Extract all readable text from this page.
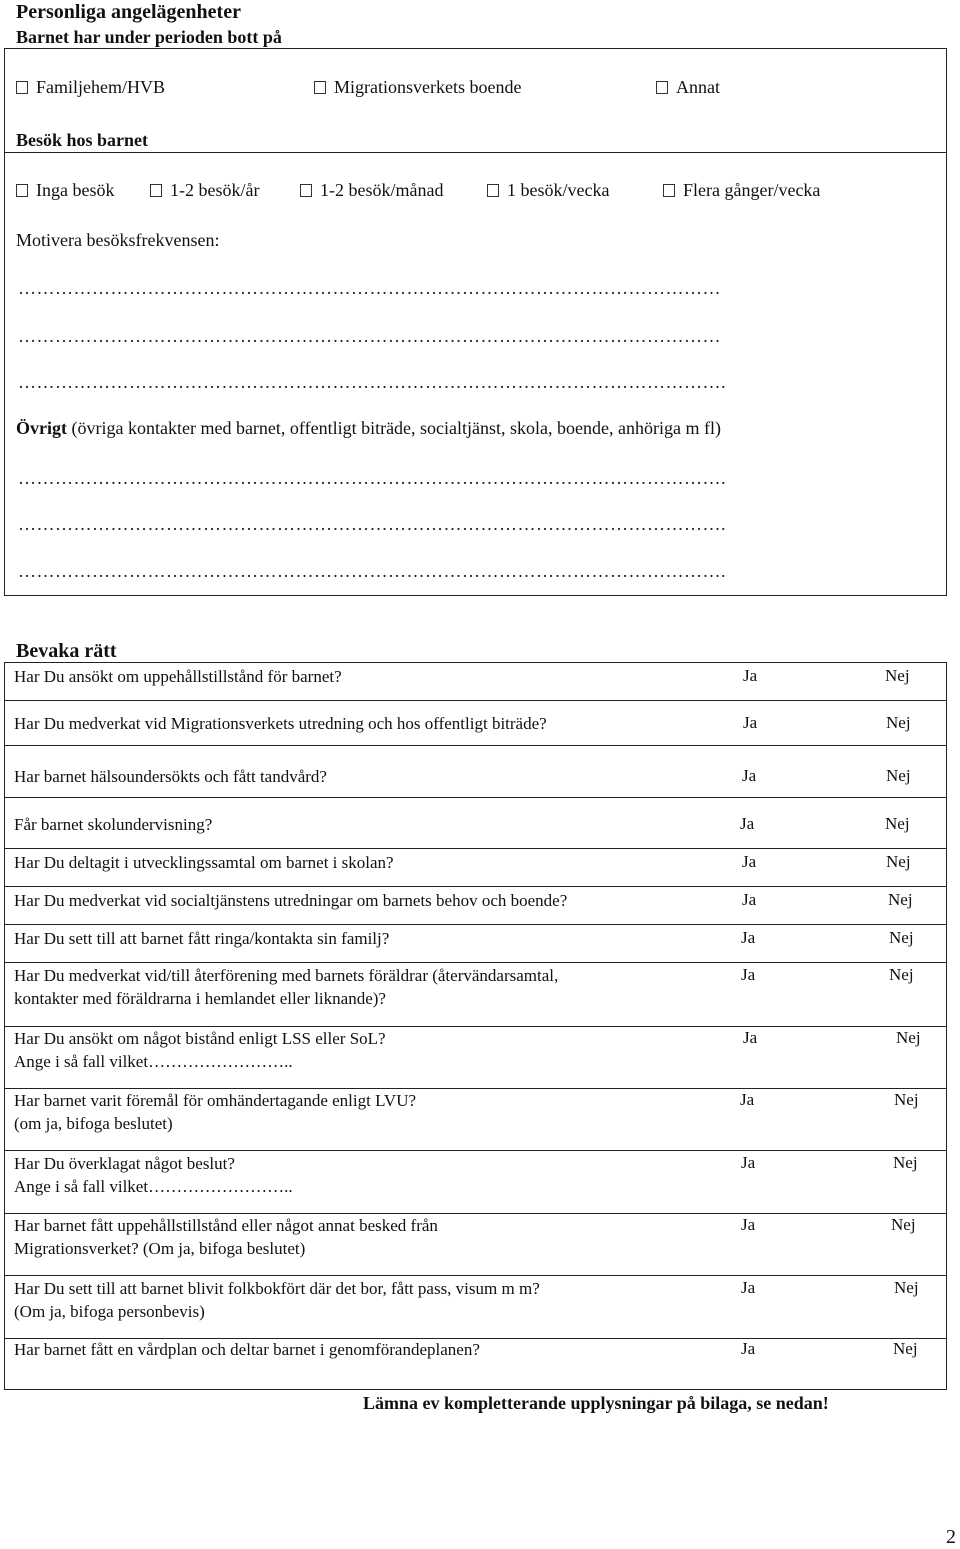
Personliga angelägenheter
Barnet har under perioden bott på
Familjehem/HVB	Migrationsverkets boende	Annat
Besök hos barnet
Inga besök	1-2 besök/år	1-2 besök/månad	1 besök/vecka	Flera gånger/vecka
Motivera besöksfrekvensen:
……………………………………………………………………………………………………
……………………………………………………………………………………………………
…………………………………………………………………………………………………….
Övrigt (övriga kontakter med barnet, offentligt biträde, socialtjänst, skola, boende, anhöriga m fl)
…………………………………………………………………………………………………….
…………………………………………………………………………………………………….
…………………………………………………………………………………………………….
Bevaka rätt
Har Du ansökt om uppehållstillstånd för barnet?	Ja	Nej
Har Du medverkat vid Migrationsverkets utredning och hos offentligt biträde?	Ja	Nej
Har barnet hälsoundersökts och fått tandvård?	Ja	Nej
Får barnet skolundervisning?	Ja	Nej
Har Du deltagit i utvecklingssamtal om barnet i skolan?	Ja	Nej
Har Du medverkat vid socialtjänstens utredningar om barnets behov och boende?	Ja	Nej
Har Du sett till att barnet fått ringa/kontakta sin familj?	Ja	Nej
Har Du medverkat vid/till återförening med barnets föräldrar (återvändarsamtal,
kontakter med föräldrarna i hemlandet eller liknande)?
Ja	Nej
Har Du ansökt om något bistånd enligt LSS eller SoL?
Ange i så fall vilket……………………..
Ja	Nej
Har barnet varit föremål för omhändertagande enligt LVU?
(om ja, bifoga beslutet)
Ja	Nej
Har Du överklagat något beslut?
Ange i så fall vilket……………………..
Ja	Nej
Har barnet fått uppehållstillstånd eller något annat besked från
Migrationsverket? (Om ja, bifoga beslutet)
Ja	Nej
Har Du sett till att barnet blivit folkbokfört där det bor, fått pass, visum m m?
(Om ja, bifoga personbevis)
Ja	Nej
Har barnet fått en vårdplan och deltar barnet i genomförandeplanen?	Ja	Nej
Lämna ev kompletterande upplysningar på bilaga, se nedan!
2
